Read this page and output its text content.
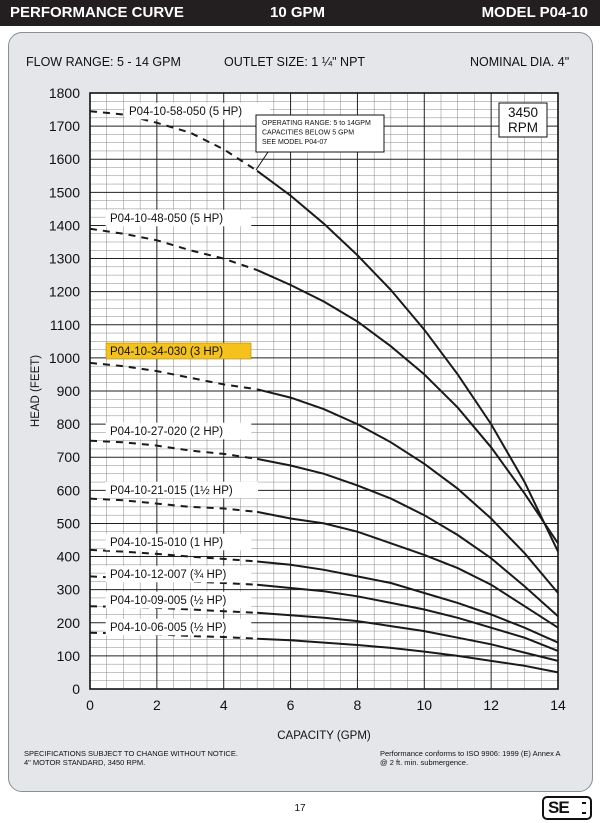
PERFORMANCE CURVE	10 GPM	MODEL P04-10
FLOW RANGE: 5 - 14 GPM	OUTLET SIZE: 1 ¼" NPT	NOMINAL DIA. 4"
0
100
200
300
400
500
600
700
800
900
1000
1100
1200
1300
1400
1500
1600
1700
1800
0	2	4	6	8	10	12	14
CAPACITY (GPM)
HEAD (FEET)
P04-10-58-050 (5 HP)
P04-10-48-050 (5 HP)
P04-10-34-030 (3 HP)
P04-10-27-020 (2 HP)
P04-10-21-015 (1½ HP)
P04-10-15-010 (1 HP)
P04-10-12-007 (¾ HP)
P04-10-09-005 (½ HP)
P04-10-06-005 (½ HP)
OPERATING RANGE: 5 to 14GPM
CAPACITIES BELOW 5 GPM
SEE MODEL P04-07
3450
RPM
SPECIFICATIONS SUBJECT TO CHANGE WITHOUT NOTICE.
4" MOTOR STANDARD, 3450 RPM.
Performance conforms to ISO 9906: 1999 (E) Annex A
@ 2 ft. min. submergence.
17	SE
